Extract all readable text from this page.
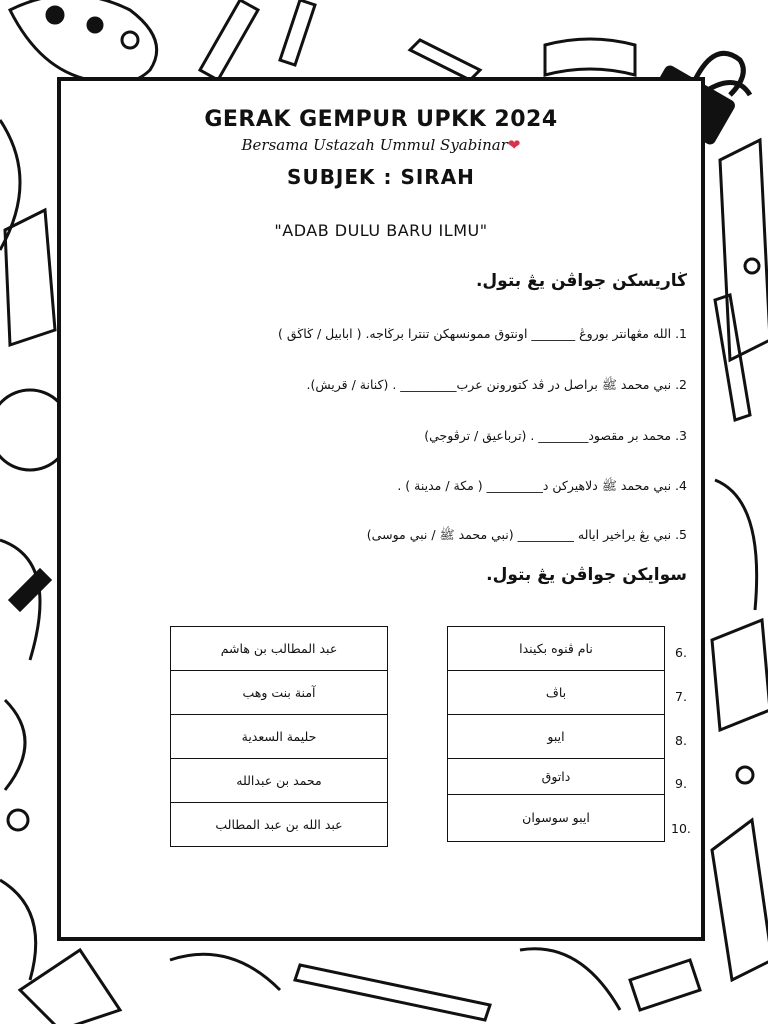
GERAK GEMPUR UPKK 2024
Bersama Ustazah Ummul Syabinar❤
SUBJEK : SIRAH
"ADAB DULU BARU ILMU"
ڬاريسكن جواڤن يڠ بتول.
1. الله مڠهانتر بوروڠ _______ اونتوق ممونسهكن تنترا برڬاجه. ( ابابيل / ڬاڬق )
2. نبي محمد ﷺ براصل در ڤد كتورونن عرب_________ . (كنانة / قريش).
3. محمد بر مقصود________ . (ترباعيق / ترڤوجي)
4. نبي محمد ﷺ دلاهيركن د_________ ( مكة / مدينة ) .
5. نبي يڠ يراخير اياله _________ (نبي محمد ﷺ / نبي موسى)
سوايكن جواڤن يڠ بتول.
6.
7.
8.
9.
10.
نام ڤنوه بكيندا
باڤ
ايبو
داتوق
ايبو سوسوان
عبد المطالب بن هاشم
آمنة بنت وهب
حليمة السعدية
محمد بن عبدالله
عبد الله بن عبد المطالب
